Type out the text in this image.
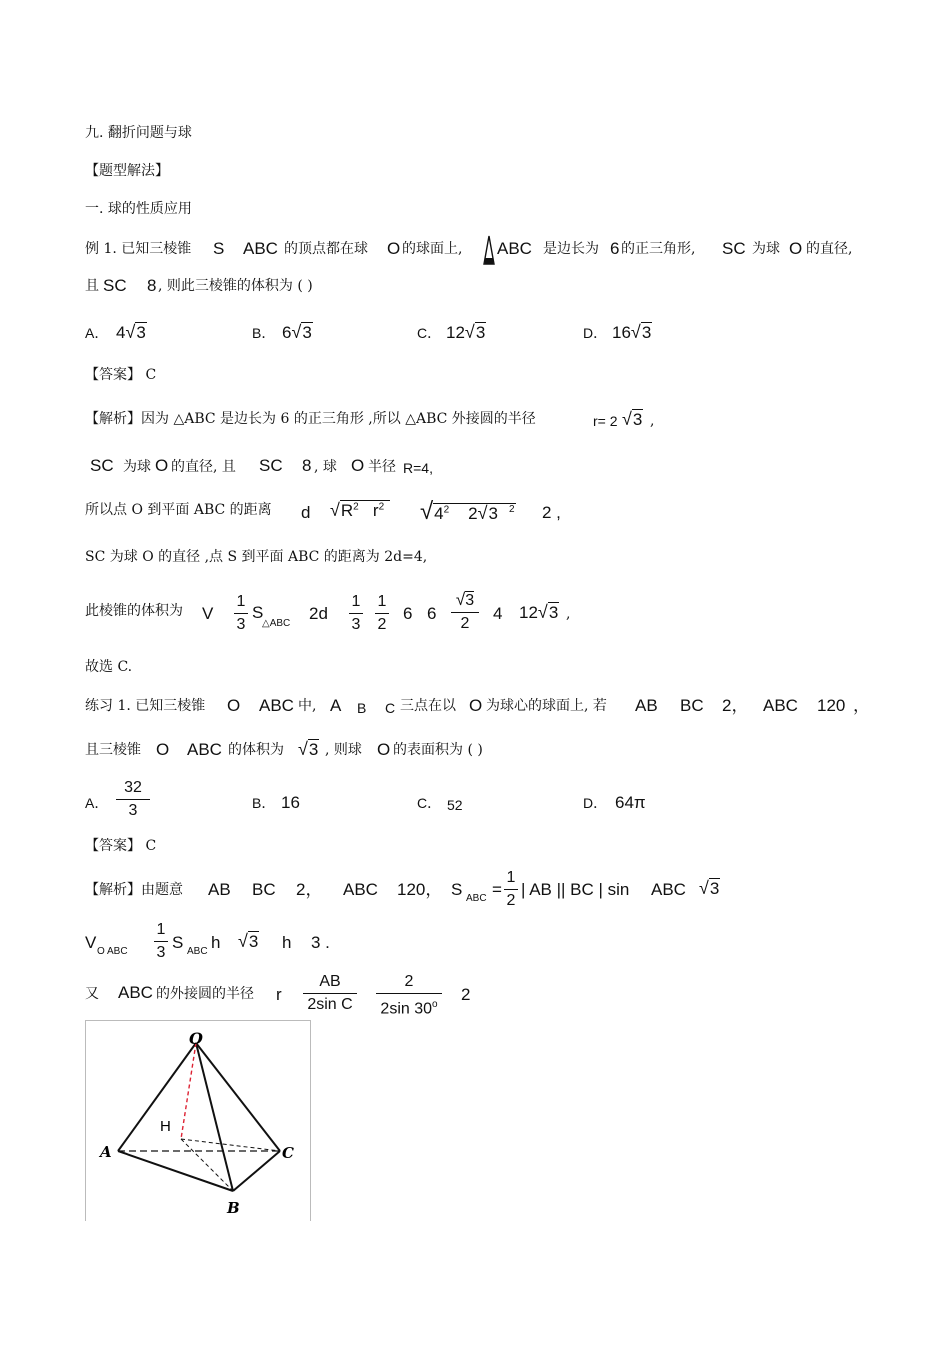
九. 翻折问题与球
【题型解法】
一. 球的性质应用
例 1. 已知三棱锥 S ABC 的顶点都在球 O 的球面上, ABC 是边长为 6 的正三角形, SC 为球 O 的直径,
且 SC 8 , 则此三棱锥的体积为 ( )
A． 4√3	B． 6√3	C． 12√3	D． 16√3
【答案】 C
【解析】因为 △ABC 是边长为 6 的正三角形 ,所以 △ABC 外接圆的半径	r= 2 √3 ,
SC 为球 O 的直径, 且 SC 8 , 球 O 半径 R=4,
所以点 O 到平面 ABC 的距离 d $√R^2$ $r^2$ $√4^2$ 2√3 $^2$ 2 ,
SC 为球 O 的直径 ,点 S 到平面 ABC 的距离为 2d=4,
此棱锥的体积为 V
1
3
S
△ABC
2d
1
3
1
2
6 6
√3
2
4 12√3 ,
故选 C.
练习 1. 已知三棱锥 O ABC 中, A B C 三点在以 O 为球心的球面上, 若 AB BC 2， ABC 120 ，
且三棱锥 O ABC 的体积为 √3 , 则球 O 的表面积为 ( )
A．
32
3	B． 16	C． 52	D． 64π
【答案】 C
【解析】由题意 AB BC 2， ABC 120， S ABC =
1
2
| AB || BC | sin ABC √3
V O ABC
1
3
S ABC h √3 h 3 .
又 ABC 的外接圆的半径 r
AB
2sin C
2
2sin 30$^o$
2
O
H
A
B
C
